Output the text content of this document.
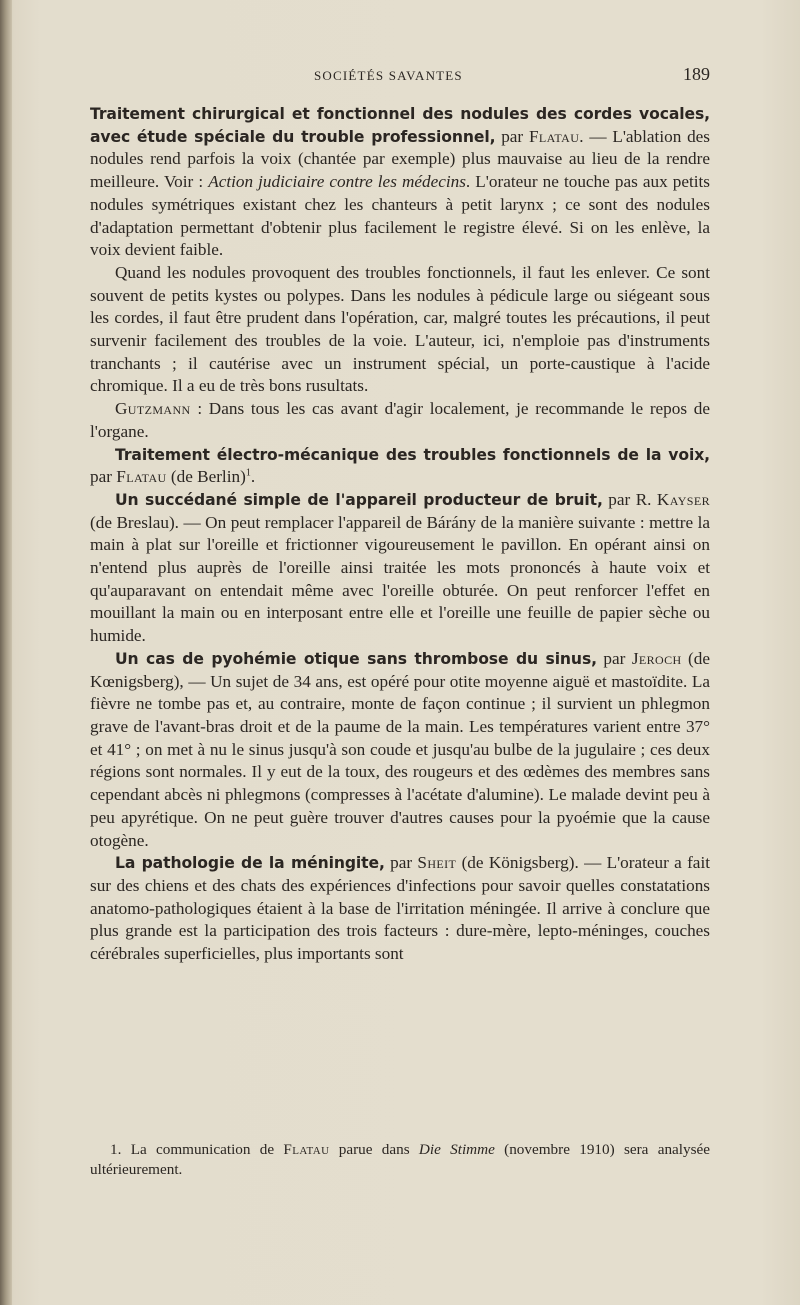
SOCIÉTÉS SAVANTES	189

Traitement chirurgical et fonctionnel des nodules des cordes vocales, avec étude spéciale du trouble professionnel, par Flatau. — L'ablation des nodules rend parfois la voix (chantée par exemple) plus mauvaise au lieu de la rendre meilleure. Voir : Action judiciaire contre les médecins. L'orateur ne touche pas aux petits nodules symétriques existant chez les chanteurs à petit larynx ; ce sont des nodules d'adaptation permettant d'obtenir plus facilement le registre élevé. Si on les enlève, la voix devient faible.

Quand les nodules provoquent des troubles fonctionnels, il faut les enlever. Ce sont souvent de petits kystes ou polypes. Dans les nodules à pédicule large ou siégeant sous les cordes, il faut être prudent dans l'opération, car, malgré toutes les précautions, il peut survenir facilement des troubles de la voie. L'auteur, ici, n'emploie pas d'instruments tranchants ; il cautérise avec un instrument spécial, un porte-caustique à l'acide chromique. Il a eu de très bons rusultats.

Gutzmann : Dans tous les cas avant d'agir localement, je recommande le repos de l'organe.

Traitement électro-mécanique des troubles fonctionnels de la voix, par Flatau (de Berlin)$^1$.

Un succédané simple de l'appareil producteur de bruit, par R. Kayser (de Breslau). — On peut remplacer l'appareil de Bárány de la manière suivante : mettre la main à plat sur l'oreille et frictionner vigoureusement le pavillon. En opérant ainsi on n'entend plus auprès de l'oreille ainsi traitée les mots prononcés à haute voix et qu'auparavant on entendait même avec l'oreille obturée. On peut renforcer l'effet en mouillant la main ou en interposant entre elle et l'oreille une feuille de papier sèche ou humide.

Un cas de pyohémie otique sans thrombose du sinus, par Jeroch (de Kœnigsberg), — Un sujet de 34 ans, est opéré pour otite moyenne aiguë et mastoïdite. La fièvre ne tombe pas et, au contraire, monte de façon continue ; il survient un phlegmon grave de l'avant-bras droit et de la paume de la main. Les températures varient entre 37° et 41° ; on met à nu le sinus jusqu'à son coude et jusqu'au bulbe de la jugulaire ; ces deux régions sont normales. Il y eut de la toux, des rougeurs et des œdèmes des membres sans cependant abcès ni phlegmons (compresses à l'acétate d'alumine). Le malade devint peu à peu apyrétique. On ne peut guère trouver d'autres causes pour la pyoémie que la cause otogène.

La pathologie de la méningite, par Sheit (de Königsberg). — L'orateur a fait sur des chiens et des chats des expériences d'infections pour savoir quelles constatations anatomo-pathologiques étaient à la base de l'irritation méningée. Il arrive à conclure que plus grande est la participation des trois facteurs : dure-mère, lepto-méninges, couches cérébrales superficielles, plus importants sont

1. La communication de Flatau parue dans Die Stimme (novembre 1910) sera analysée ultérieurement.
